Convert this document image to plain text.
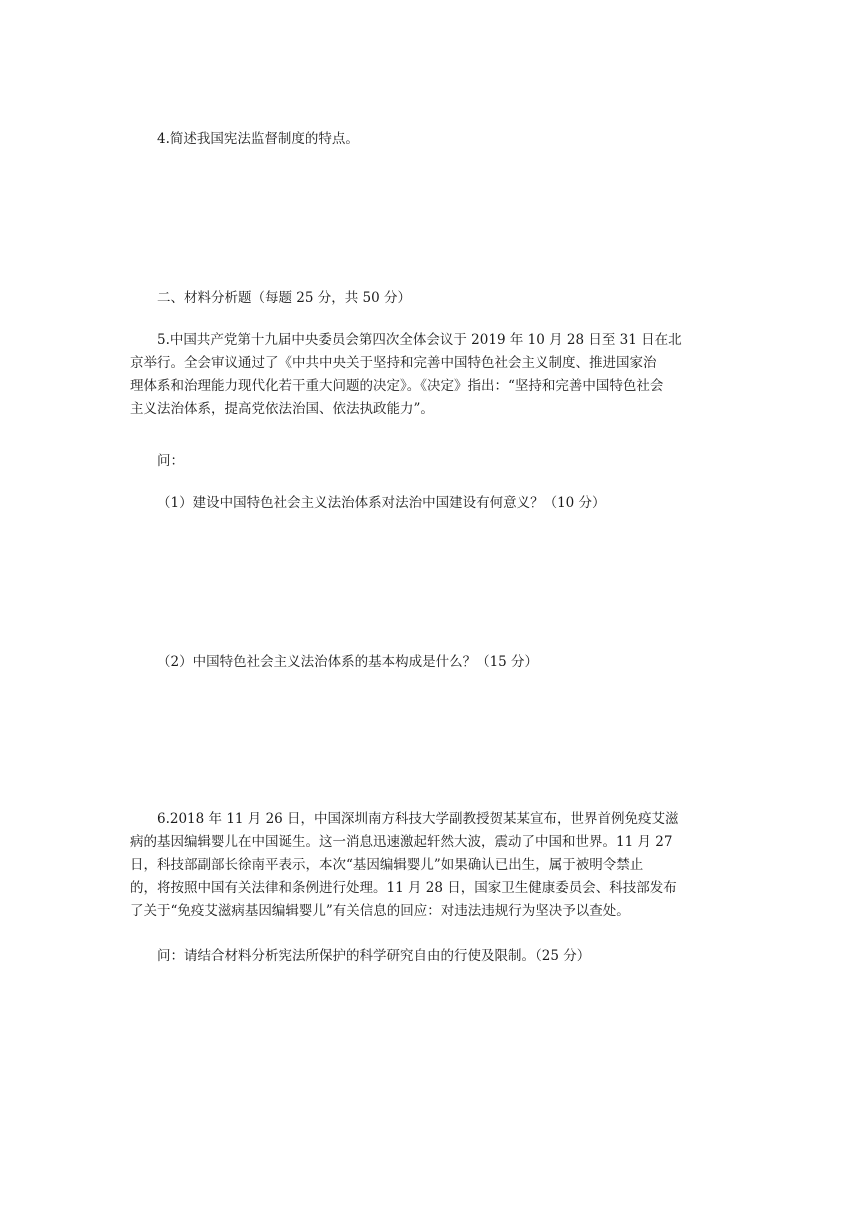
4.简述我国宪法监督制度的特点。
二、材料分析题（每题 25 分，共 50 分）
5.中国共产党第十九届中央委员会第四次全体会议于 2019 年 10 月 28 日至 31 日在北
京举行。全会审议通过了《中共中央关于坚持和完善中国特色社会主义制度、推进国家治
理体系和治理能力现代化若干重大问题的决定》。《决定》指出：“坚持和完善中国特色社会
主义法治体系，提高党依法治国、依法执政能力”。
问：
（1）建设中国特色社会主义法治体系对法治中国建设有何意义？（10 分）
（2）中国特色社会主义法治体系的基本构成是什么？（15 分）
6.2018 年 11 月 26 日，中国深圳南方科技大学副教授贺某某宣布，世界首例免疫艾滋
病的基因编辑婴儿在中国诞生。这一消息迅速激起轩然大波，震动了中国和世界。11 月 27
日，科技部副部长徐南平表示，本次“基因编辑婴儿”如果确认已出生，属于被明令禁止
的，将按照中国有关法律和条例进行处理。11 月 28 日，国家卫生健康委员会、科技部发布
了关于“免疫艾滋病基因编辑婴儿”有关信息的回应：对违法违规行为坚决予以查处。
问：请结合材料分析宪法所保护的科学研究自由的行使及限制。（25 分）
